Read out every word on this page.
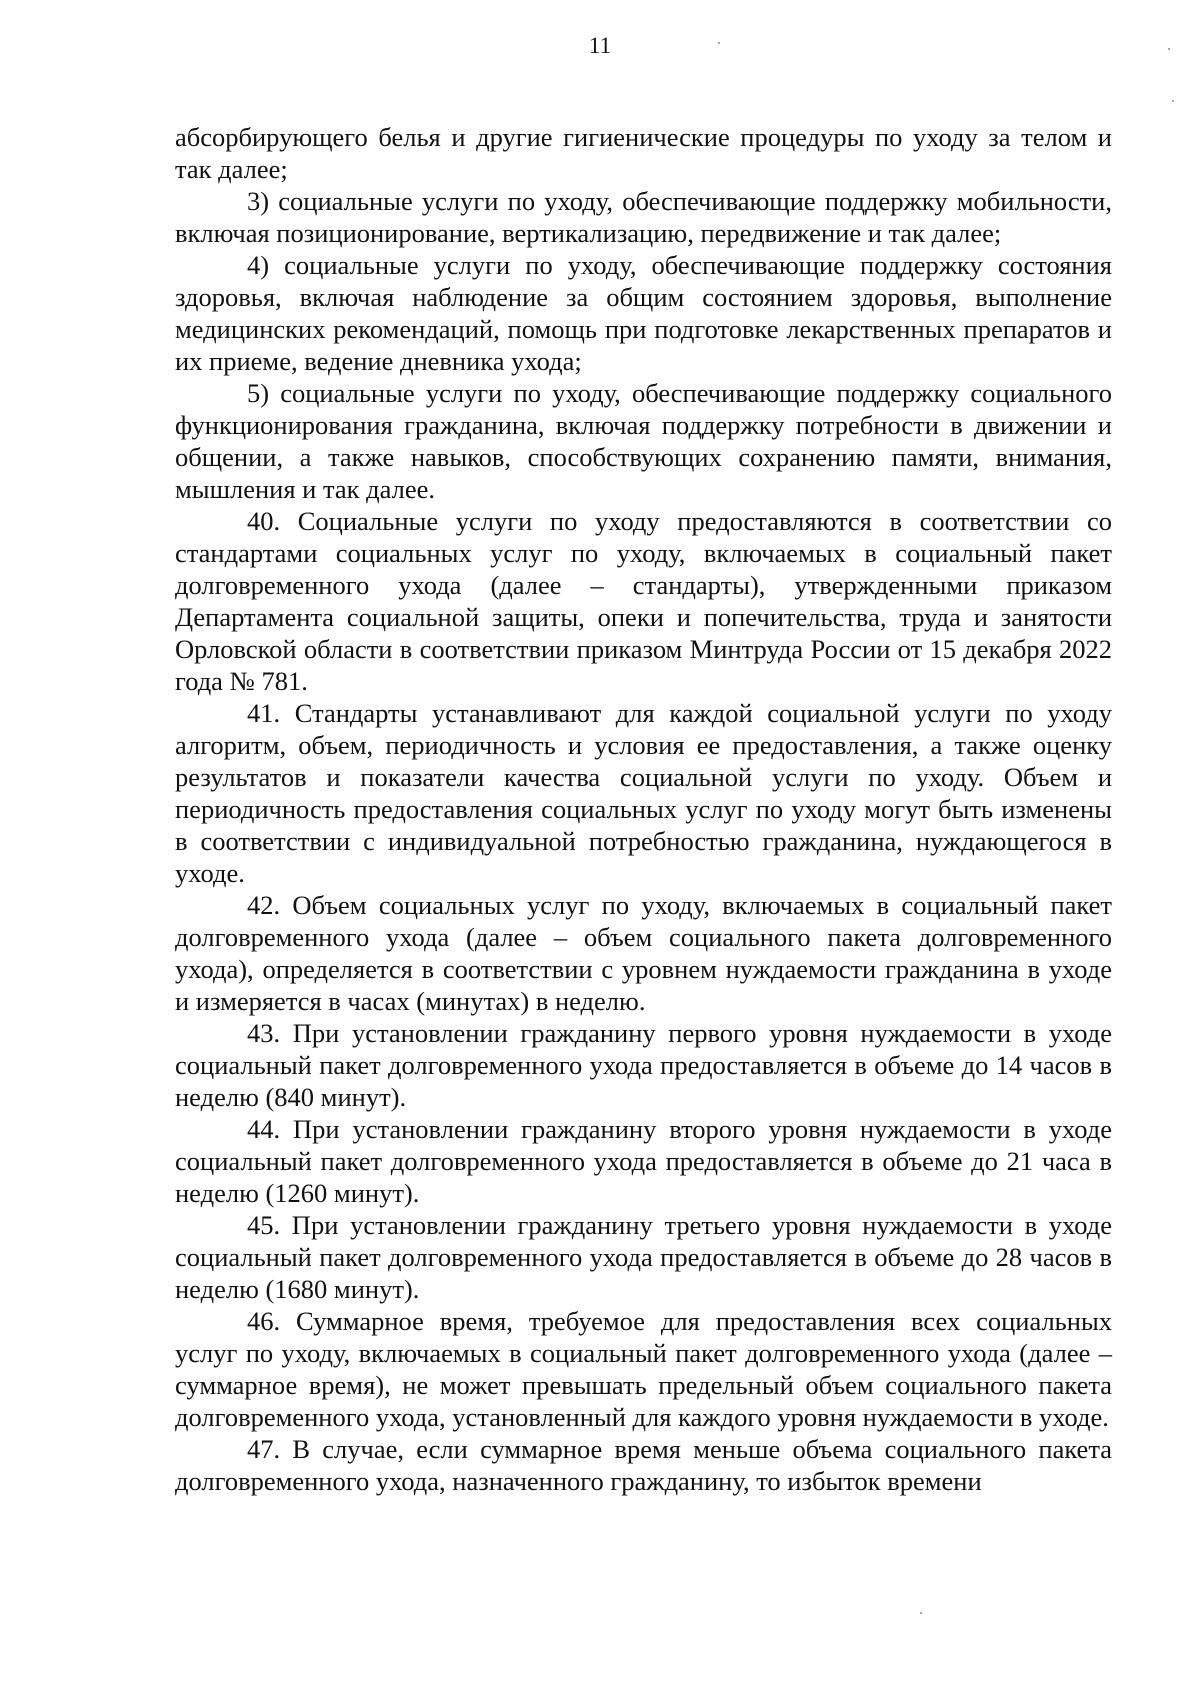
11

абсорбирующего белья и другие гигиенические процедуры по уходу за телом и так далее;

3) социальные услуги по уходу, обеспечивающие поддержку мобильности, включая позиционирование, вертикализацию, передвижение и так далее;

4) социальные услуги по уходу, обеспечивающие поддержку состояния здоровья, включая наблюдение за общим состоянием здоровья, выполнение медицинских рекомендаций, помощь при подготовке лекарственных препаратов и их приеме, ведение дневника ухода;

5) социальные услуги по уходу, обеспечивающие поддержку социального функционирования гражданина, включая поддержку потребности в движении и общении, а также навыков, способствующих сохранению памяти, внимания, мышления и так далее.

40. Социальные услуги по уходу предоставляются в соответствии со стандартами социальных услуг по уходу, включаемых в социальный пакет долговременного ухода (далее – стандарты), утвержденными приказом Департамента социальной защиты, опеки и попечительства, труда и занятости Орловской области в соответствии приказом Минтруда России от 15 декабря 2022 года № 781.

41. Стандарты устанавливают для каждой социальной услуги по уходу алгоритм, объем, периодичность и условия ее предоставления, а также оценку результатов и показатели качества социальной услуги по уходу. Объем и периодичность предоставления социальных услуг по уходу могут быть изменены в соответствии с индивидуальной потребностью гражданина, нуждающегося в уходе.

42. Объем социальных услуг по уходу, включаемых в социальный пакет долговременного ухода (далее – объем социального пакета долговременного ухода), определяется в соответствии с уровнем нуждаемости гражданина в уходе и измеряется в часах (минутах) в неделю.

43. При установлении гражданину первого уровня нуждаемости в уходе социальный пакет долговременного ухода предоставляется в объеме до 14 часов в неделю (840 минут).

44. При установлении гражданину второго уровня нуждаемости в уходе социальный пакет долговременного ухода предоставляется в объеме до 21 часа в неделю (1260 минут).

45. При установлении гражданину третьего уровня нуждаемости в уходе социальный пакет долговременного ухода предоставляется в объеме до 28 часов в неделю (1680 минут).

46. Суммарное время, требуемое для предоставления всех социальных услуг по уходу, включаемых в социальный пакет долговременного ухода (далее – суммарное время), не может превышать предельный объем социального пакета долговременного ухода, установленный для каждого уровня нуждаемости в уходе.

47. В случае, если суммарное время меньше объема социального пакета долговременного ухода, назначенного гражданину, то избыток времени
